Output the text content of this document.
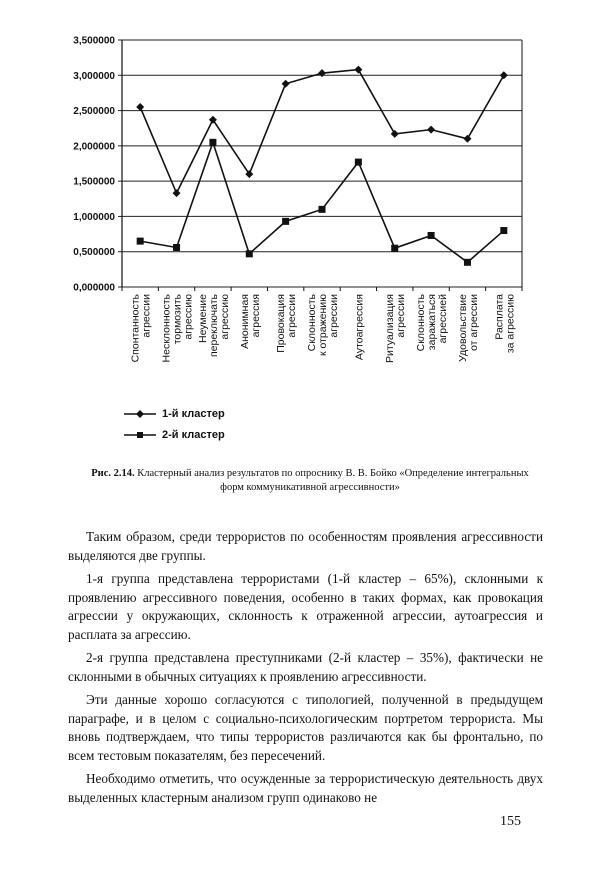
3,500000
3,000000
2,500000
2,000000
1,500000
1,000000
0,500000
0,000000
Спонтанность агрессии Несклонность тормозить агрессию Неумение переключать агрессию Анонимная агрессия Провокация агрессии Склонность к отражению агрессии Аутоагрессия Ритуализация агрессии Склонность заражаться агрессией Удовольствие от агрессии Расплата за агрессию
1-й кластер
2-й кластер
Рис. 2.14. Кластерный анализ результатов по опроснику В. В. Бойко «Определение интегральных форм коммуникативной агрессивности»

Таким образом, среди террористов по особенностям проявления агрессивности выделяются две группы.

1-я группа представлена террористами (1-й кластер – 65%), склонными к проявлению агрессивного поведения, особенно в таких формах, как провокация агрессии у окружающих, склонность к отраженной агрессии, аутоагрессия и расплата за агрессию.

2-я группа представлена преступниками (2-й кластер – 35%), фактически не склонными в обычных ситуациях к проявлению агрессивности.

Эти данные хорошо согласуются с типологией, полученной в предыдущем параграфе, и в целом с социально-психологическим портретом террориста. Мы вновь подтверждаем, что типы террористов различаются как бы фронтально, по всем тестовым показателям, без пересечений.

Необходимо отметить, что осужденные за террористическую деятельность двух выделенных кластерным анализом групп одинаково не

155
